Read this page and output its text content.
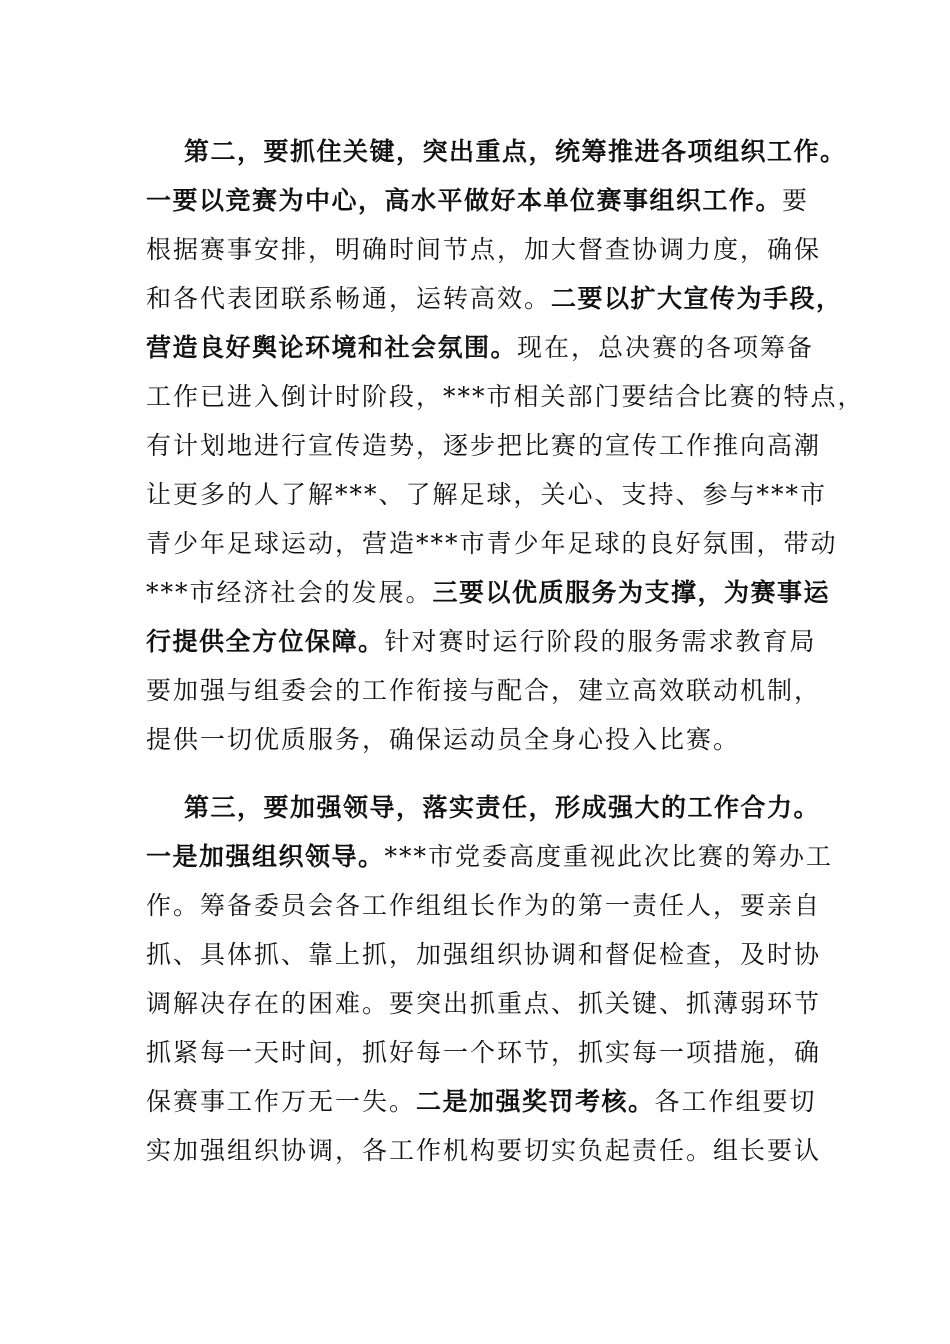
第二，要抓住关键，突出重点，统筹推进各项组织工作。
一要以竞赛为中心，高水平做好本单位赛事组织工作。要
根据赛事安排，明确时间节点，加大督查协调力度，确保
和各代表团联系畅通，运转高效。二要以扩大宣传为手段，
营造良好舆论环境和社会氛围。现在，总决赛的各项筹备
工作已进入倒计时阶段，***市相关部门要结合比赛的特点，
有计划地进行宣传造势，逐步把比赛的宣传工作推向高潮
让更多的人了解***、了解足球，关心、支持、参与***市
青少年足球运动，营造***市青少年足球的良好氛围，带动
***市经济社会的发展。三要以优质服务为支撑，为赛事运
行提供全方位保障。针对赛时运行阶段的服务需求教育局
要加强与组委会的工作衔接与配合，建立高效联动机制，
提供一切优质服务，确保运动员全身心投入比赛。
第三，要加强领导，落实责任，形成强大的工作合力。
一是加强组织领导。***市党委高度重视此次比赛的筹办工
作。筹备委员会各工作组组长作为的第一责任人，要亲自
抓、具体抓、靠上抓，加强组织协调和督促检查，及时协
调解决存在的困难。要突出抓重点、抓关键、抓薄弱环节
抓紧每一天时间，抓好每一个环节，抓实每一项措施，确
保赛事工作万无一失。二是加强奖罚考核。各工作组要切
实加强组织协调，各工作机构要切实负起责任。组长要认
